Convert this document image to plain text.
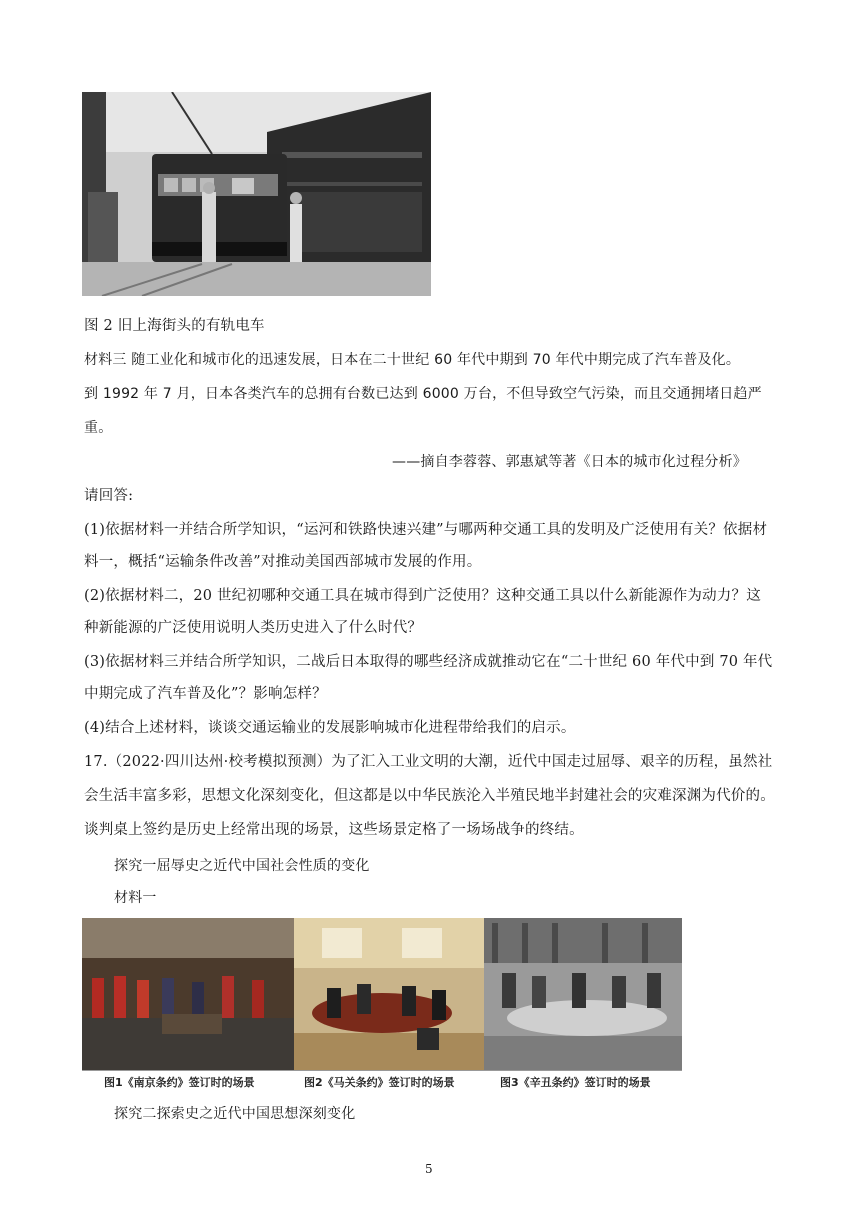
图 2 旧上海街头的有轨电车
材料三 随工业化和城市化的迅速发展，日本在二十世纪 60 年代中期到 70 年代中期完成了汽车普及化。
到 1992 年 7 月，日本各类汽车的总拥有台数已达到 6000 万台，不但导致空气污染，而且交通拥堵日趋严
重。
——摘自李蓉蓉、郭惠斌等著《日本的城市化过程分析》
请回答:
(1)依据材料一并结合所学知识，“运河和铁路快速兴建”与哪两种交通工具的发明及广泛使用有关？依据材
料一，概括“运输条件改善”对推动美国西部城市发展的作用。
(2)依据材料二，20 世纪初哪种交通工具在城市得到广泛使用？这种交通工具以什么新能源作为动力？这
种新能源的广泛使用说明人类历史进入了什么时代？
(3)依据材料三并结合所学知识，二战后日本取得的哪些经济成就推动它在“二十世纪 60 年代中到 70 年代
中期完成了汽车普及化”？影响怎样？
(4)结合上述材料，谈谈交通运输业的发展影响城市化进程带给我们的启示。
17.（2022·四川达州·校考模拟预测）为了汇入工业文明的大潮，近代中国走过屈辱、艰辛的历程，虽然社
会生活丰富多彩，思想文化深刻变化，但这都是以中华民族沦入半殖民地半封建社会的灾难深渊为代价的。
谈判桌上签约是历史上经常出现的场景，这些场景定格了一场场战争的终结。
探究一屈辱史之近代中国社会性质的变化
材料一
图1《南京条约》签订时的场景	图2《马关条约》签订时的场景	图3《辛丑条约》签订时的场景
探究二探索史之近代中国思想深刻变化
5
